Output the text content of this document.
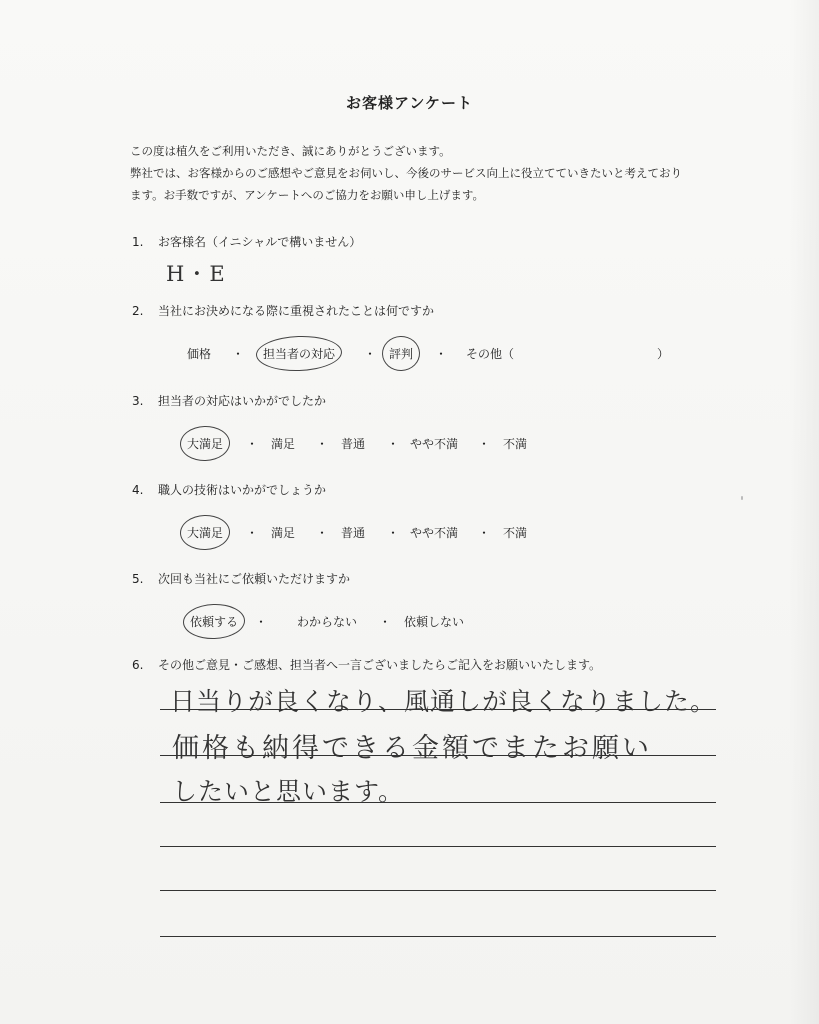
お客様アンケート
この度は植久をご利用いただき、誠にありがとうございます。
弊社では、お客様からのご感想やご意見をお伺いし、今後のサービス向上に役立てていきたいと考えており
ます。お手数ですが、アンケートへのご協力をお願い申し上げます。
1. お客様名（イニシャルで構いません）
H・E
2. 当社にお決めになる際に重視されたことは何ですか
価格 ・ 担当者の対応 ・ 評判 ・ その他（	）
3. 担当者の対応はいかがでしたか
大満足 ・ 満足 ・ 普通 ・ やや不満 ・ 不満
4. 職人の技術はいかがでしょうか
大満足 ・ 満足 ・ 普通 ・ やや不満 ・ 不満
5. 次回も当社にご依頼いただけますか
依頼する ・ わからない ・ 依頼しない
6. その他ご意見・ご感想、担当者へ一言ございましたらご記入をお願いいたします。
日当りが良くなり、風通しが良くなりました。
価格も納得できる金額でまたお願い
したいと思います。
